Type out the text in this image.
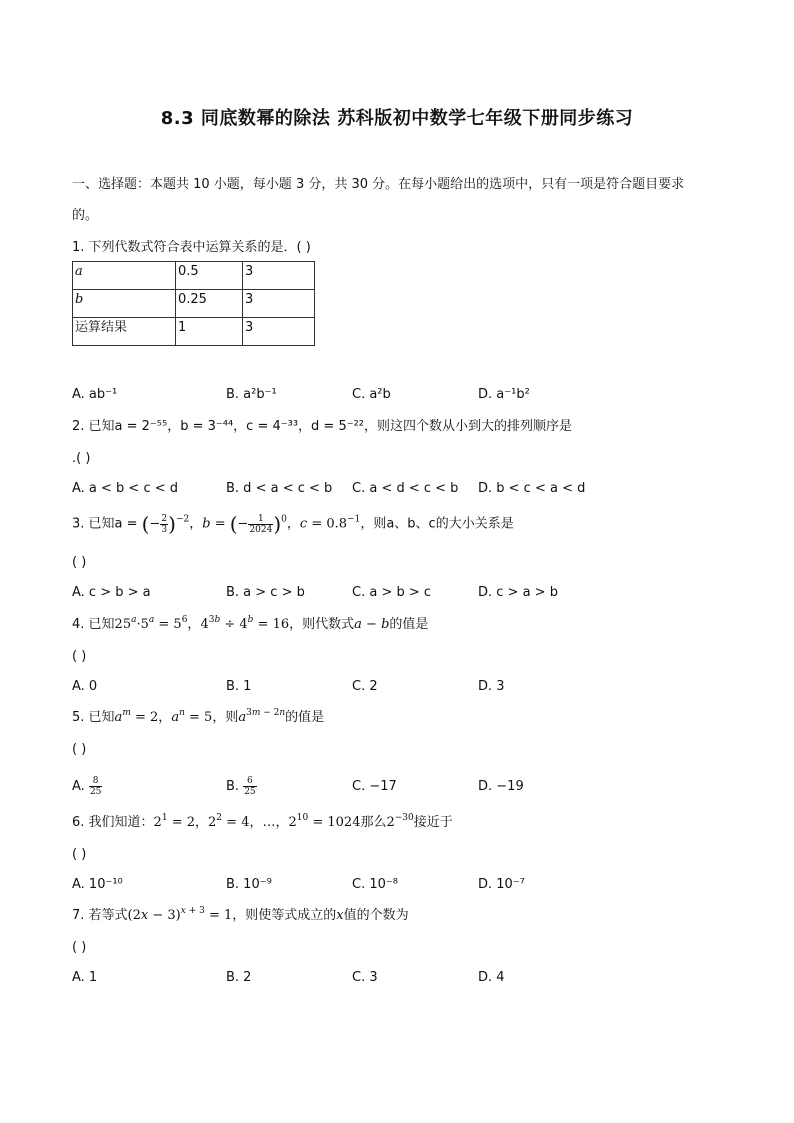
8.3 同底数幂的除法 苏科版初中数学七年级下册同步练习
一、选择题：本题共 10 小题，每小题 3 分，共 30 分。在每小题给出的选项中，只有一项是符合题目要求
的。
1. 下列代数式符合表中运算关系的是．( )
a	0.5	3
b	0.25	3
运算结果	1	3
A. ab⁻¹	B. a²b⁻¹	C. a²b	D. a⁻¹b²
2. 已知a = 2⁻⁵⁵，b = 3⁻⁴⁴，c = 4⁻³³，d = 5⁻²²，则这四个数从小到大的排列顺序是
.( )
A. a < b < c < d	B. d < a < c < b C. a < d < c < b D. b < c < a < d
3. 已知a = (− $\frac{2}{3} )^{-2}$，b = (− $\frac{1}{2024} )^0$，$c = 0.8^{-1}$，则a、b、c的大小关系是
( )
A. c > b > a	B. a > c > b	C. a > b > c	D. c > a > b
4. 已知$25^a\cdot 5^a = 5^6$，$4^{3b} \div 4^b = 16$，则代数式a − b的值是
( )
A. 0	B. 1	C. 2	D. 3
5. 已知$a^m = 2$，$a^n = 5$，则$a^{3m - 2n}$的值是
( )
A. $\frac{8}{25}$	B. $\frac{6}{25}$	C. −17	D. −19
6. 我们知道：$2^1 = 2$，$2^2 = 4$，…，$2^{10} = 1024$那么$2^{-30}$接近于
( )
A. 10⁻¹⁰	B. 10⁻⁹	C. 10⁻⁸	D. 10⁻⁷
7. 若等式$(2x - 3)^{x + 3} = 1$，则使等式成立的x值的个数为
( )
A. 1	B. 2	C. 3	D. 4
